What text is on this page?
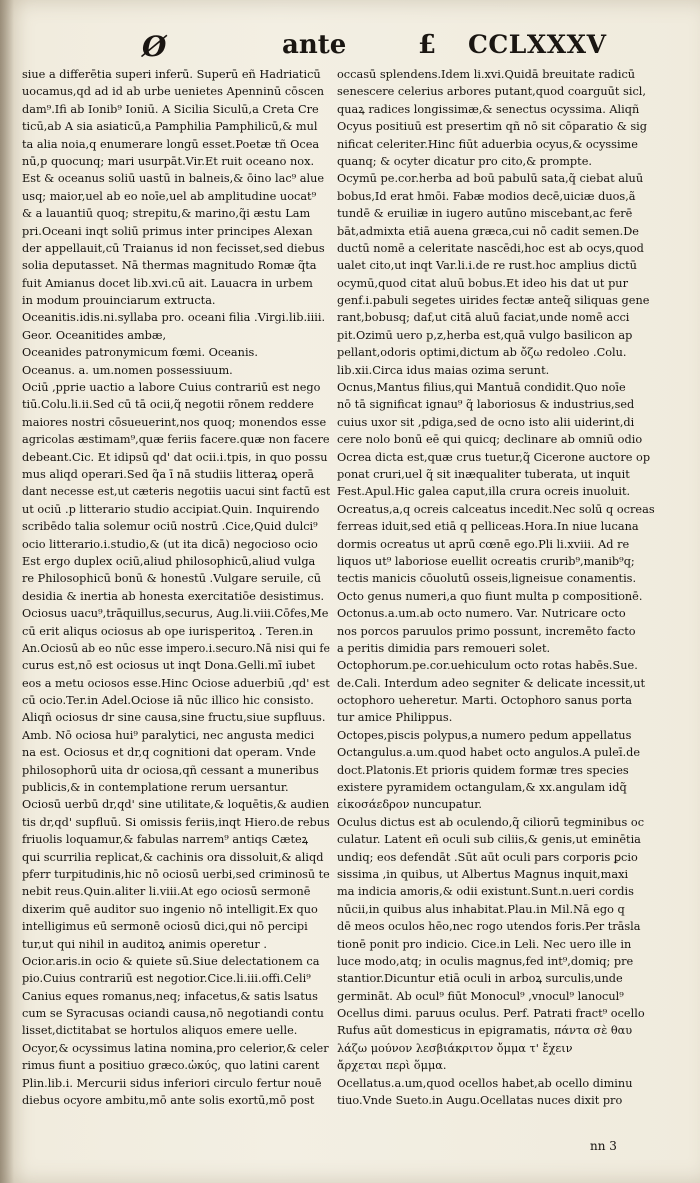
Ø	ante	£ CCLXXXV
siue a differētia superi inferū. Superū eñ Hadriaticū
uocamus,qd ad id ab urbe uenietes Apenninū cōscen
dam⁹.Ifi ab Ionib⁹ Ioniū. A Sicilia Siculū,a Creta Cre
ticū,ab A sia asiaticū,a Pamphilia Pamphilicū,& mul
ta alia noia,q enumerare longū esset.Poetæ tñ Ocea
nū,p quocunq; mari usurpāt.Vir.Et ruit oceano nox.
Est & oceanus soliū uastū in balneis,& ōino lac⁹ alue
usq; maior,uel ab eo noīe,uel ab amplitudine uocat⁹
& a lauantiū quoq; strepitu,& marino,q̃i æstu Lam
pri.Oceani inqt soliū primus inter principes Alexan
der appellauit,cū Traianus id non fecisset,sed diebus
solia deputasset. Nā thermas magnitudo Romæ q̃ta
fuit Amianus docet lib.xvi.cū ait. Lauacra in urbem
in modum prouinciarum extructa.
Oceanitis.idis.ni.syllaba pro. oceani filia .Virgi.lib.iiii.
Geor. Oceanitides ambæ,
Oceanides patronymicum fœmi. Oceanis.
Oceanus. a. um.nomen possessiuum.
Ociū ,pprie uactio a labore Cuius contrariū est nego
tiū.Colu.li.ii.Sed cū tā ocii,q̃ negotii rōnem reddere
maiores nostri cōsueuerint,nos quoq; monendos esse
agricolas æstimam⁹,quæ feriis facere.quæ non facere
debeant.Cic. Et idipsū qd' dat ocii.i.tpis, in quo possu
mus aliqd operari.Sed q̃a ī nā studiis litteraꝝ operā
dant necesse est,ut cæteris negotiis uacui sint factū est
ut ociū .p litterario studio accipiat.Quin. Inquirendo
scribēdo talia solemur ociū nostrū .Cice,Quid dulci⁹
ocio litterario.i.studio,& (ut ita dicā) negocioso ocio
Est ergo duplex ociū,aliud philosophicū,aliud vulga
re Philosophicū bonū & honestū .Vulgare seruile, cū
desidia & inertia ab honesta exercitatiōe desistimus.
Ociosus uacu⁹,trāquillus,securus, Aug.li.viii.Cōfes,Me
cū erit aliqus ociosus ab ope iurisperitoꝝ . Teren.in
An.Ociosū ab eo nūc esse impero.i.securo.Nā nisi qui fe
curus est,nō est ociosus ut inqt Dona.Gelli.mī iubet
eos a metu ociosos esse.Hinc Ociose aduerbiū ,qd' est
cū ocio.Ter.in Adel.Ociose iā nūc illico hic consisto.
Aliqñ ociosus dr sine causa,sine fructu,siue supfluus.
Amb. Nō ociosa hui⁹ paralytici, nec angusta medici
na est. Ociosus et dr,q cognitioni dat operam. Vnde
philosophorū uita dr ociosa,qñ cessant a muneribus
publicis,& in contemplatione rerum uersantur.
Ociosū uerbū dr,qd' sine utilitate,& loquētis,& audien
tis dr,qd' supfluū. Si omissis feriis,inqt Hiero.de rebus
friuolis loquamur,& fabulas narrem⁹ antiqs Cæteꝝ
qui scurrilia replicat,& cachinis ora dissoluit,& aliqd
pferr turpitudinis,hic nō ociosū uerbi,sed criminosū te
nebit reus.Quin.aliter li.viii.At ego ociosū sermonē
dixerim quē auditor suo ingenio nō intelligit.Ex quo
intelligimus eū sermonē ociosū dici,qui nō percipi
tur,ut qui nihil in auditoꝝ animis operetur .
Ocior.aris.in ocio & quiete sū.Siue delectationem ca
pio.Cuius contrariū est negotior.Cice.li.iii.offi.Celi⁹
Canius eques romanus,neq; infacetus,& satis lsatus
cum se Syracusas ociandi causa,nō negotiandi contu
lisset,dictitabat se hortulos aliquos emere uelle.
Ocyor,& ocyssimus latina nomina,pro celerior,& celer
rimus fiunt a positiuo græco.ὠκύς, quo latini carent
Plin.lib.i. Mercurii sidus inferiori circulo fertur nouē
diebus ocyore ambitu,mō ante solis exortū,mō post
occasū splendens.Idem li.xvi.Quidā breuitate radicū
senescere celerius arbores putant,quod coarguūt sicl,
quaꝝ radices longissimæ,& senectus ocyssima. Aliqñ
Ocyus positiuū est presertim qñ nō sit cōparatio & sig
nificat celeriter.Hinc fiūt aduerbia ocyus,& ocyssime
quanq; & ocyter dicatur pro cito,& prompte.
Ocymū pe.cor.herba ad boū pabulū sata,q̃ ciebat aluū
bobus,Id erat hmōi. Fabæ modios decē,uiciæ duos,ã
tundē & eruiliæ in iugero autūno miscebant,ac ferē
bāt,admixta etiā auena græca,cui nō cadit semen.De
ductū nomē a celeritate nascēdi,hoc est ab ocys,quod
ualet cito,ut inqt Var.li.i.de re rust.hoc amplius dictū
ocymū,quod citat aluū bobus.Et ideo his dat ut pur
genf.i.pabuli segetes uirides fectæ anteq̃ siliquas gene
rant,bobusq; daf,ut citā aluū faciat,unde nomē acci
pit.Ozimū uero p,z,herba est,quā vulgo basilicon ap
pellant,odoris optimi,dictum ab ὄζω redoleo .Colu.
lib.xii.Circa idus maias ozima serunt.
Ocnus,Mantus filius,qui Mantuā condidit.Quo noīe
nō tā significat ignau⁹ q̃ laboriosus & industrius,sed
cuius uxor sit ,pdiga,sed de ocno isto alii uiderint,di
cere nolo bonū eē qui quicq; declinare ab omniū odio
Ocrea dicta est,quæ crus tuetur,q̃ Cicerone auctore op
ponat cruri,uel q̃ sit inæqualiter tuberata, ut inquit
Fest.Apul.Hic galea caput,illa crura ocreis inuoluit.
Ocreatus,a,q ocreis calceatus incedit.Nec solū q ocreas
ferreas iduit,sed etiā q pelliceas.Hora.In niue lucana
dormis ocreatus ut aprū cœnē ego.Pli li.xviii. Ad re
liquos ut⁹ laboriose euellit ocreatis crurib⁹,manib⁹q;
tectis manicis cōuolutū osseis,ligneisue conamentis.
Octo genus numeri,a quo fiunt multa p compositionē.
Octonus.a.um.ab octo numero. Var. Nutricare octo
nos porcos paruulos primo possunt, incremēto facto
a peritis dimidia pars remoueri solet.
Octophorum.pe.cor.uehiculum octo rotas habēs.Sue.
de.Cali. Interdum adeo segniter & delicate incessit,ut
octophoro ueheretur. Marti. Octophoro sanus porta
tur amice Philippus.
Octopes,piscis polypus,a numero pedum appellatus
Octangulus.a.um.quod habet octo angulos.A puleī.de
doct.Platonis.Et prioris quidem formæ tres species
existere pyramidem octangulam,& xx.angulam idq̃
εἰκοσάεδρον nuncupatur.
Oculus dictus est ab oculendo,q̃ ciliorū tegminibus oc
culatur. Latent eñ oculi sub ciliis,& genis,ut eminētia
undiq; eos defendāt .Sūt aūt oculi pars corporis ꝑcio
sissima ,in quibus, ut Albertus Magnus inquit,maxi
ma indicia amoris,& odii existunt.Sunt.n.ueri cordis
nūcii,in quibus alus inhabitat.Plau.in Mil.Nā ego q
dē meos oculos hēo,nec rogo utendos foris.Per trāsla
tionē ponit pro indicio. Cice.in Leli. Nec uero ille in
luce modo,atq; in oculis magnus,fed int⁹,domiq; pre
stantior.Dicuntur etiā oculi in arboꝝ surculis,unde
germināt. Ab ocul⁹ fiūt Monocul⁹ ,vnocul⁹ lanocul⁹
Ocellus dimi. paruus oculus. Perf. Patrati fract⁹ ocello
Rufus aūt domesticus in epigramatis, πάντα σὲ θαυ
λάζω μούνον λεσβιάκριτον ὄμμα τ' ἔχειν
ἄρχεται περὶ ὅμμα.
Ocellatus.a.um,quod ocellos habet,ab ocello diminu
tiuo.Vnde Sueto.in Augu.Ocellatas nuces dixit pro
nn 3
